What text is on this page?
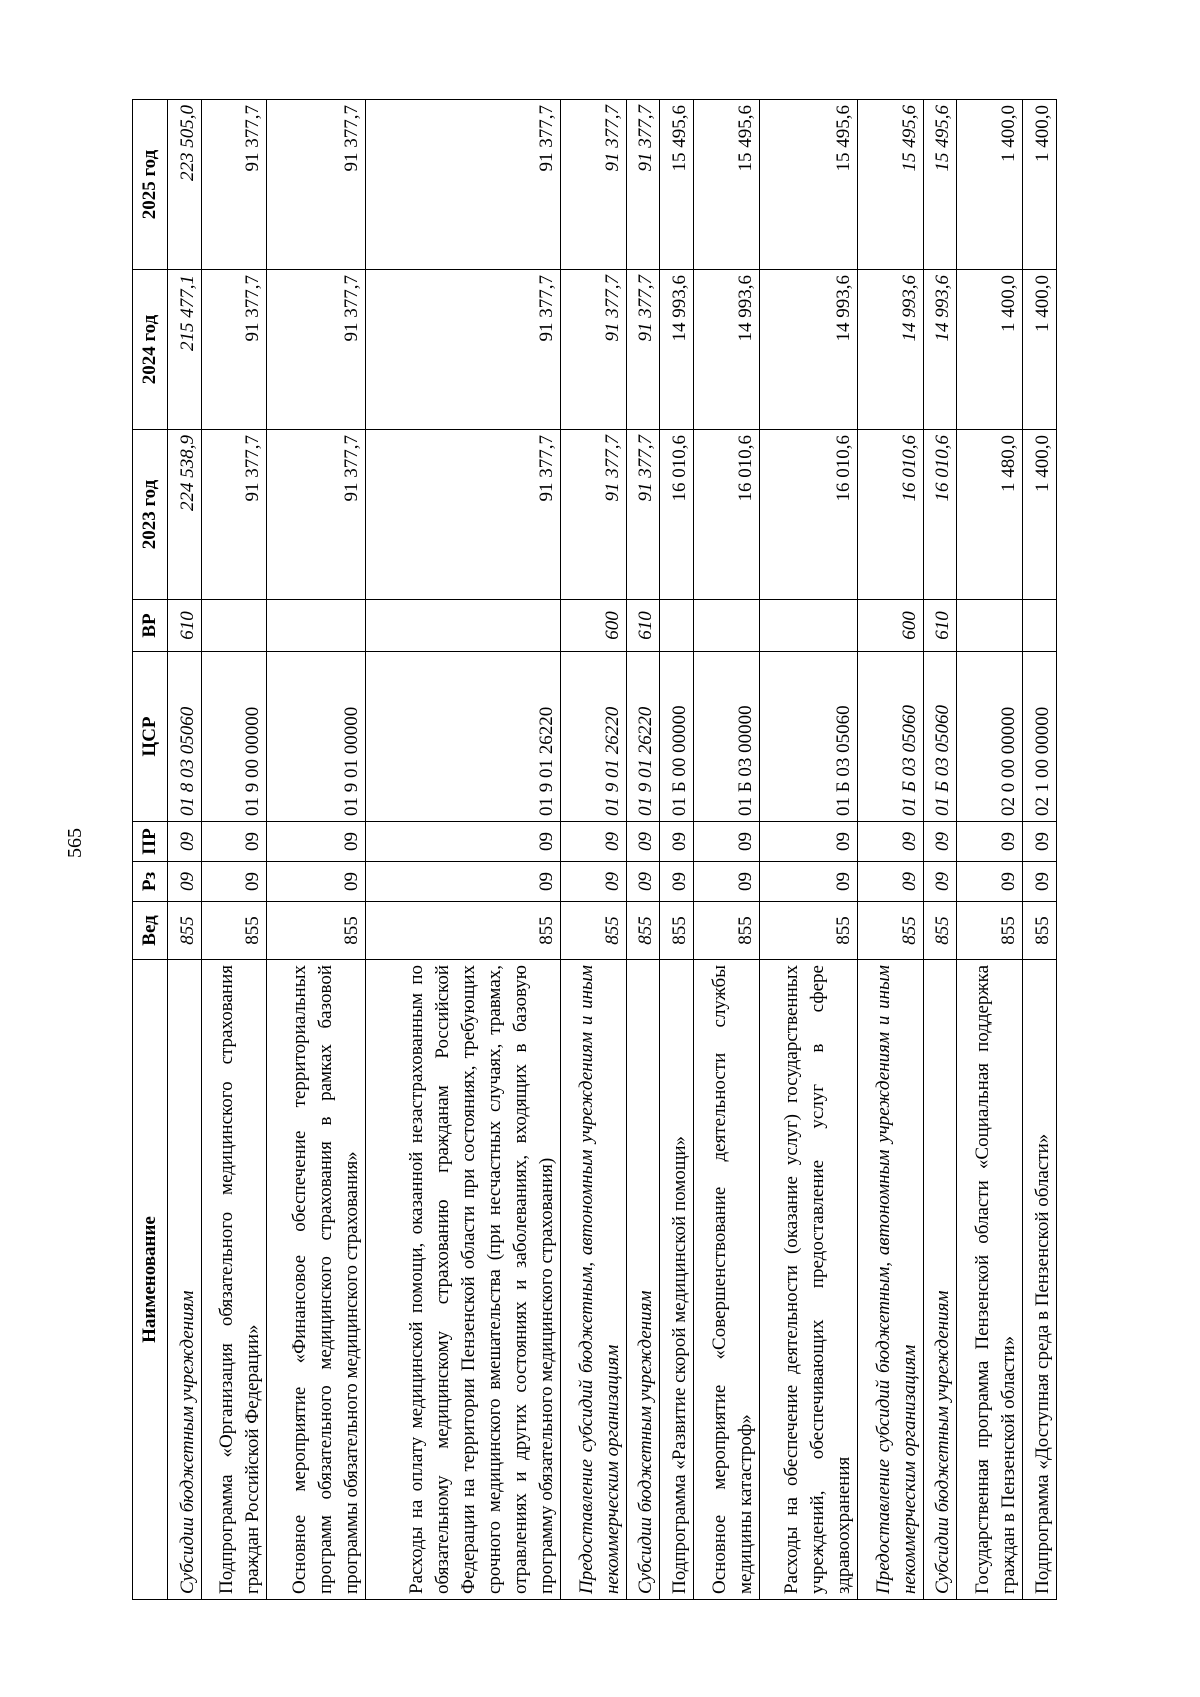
565
Наименование	Вед	Рз	ПР	ЦСР	ВР	2023 год	2024 год	2025 год
Субсидии бюджетным учреждениям	855	09	09	01 8 03 05060	610	224 538,9	215 477,1	223 505,0
Подпрограмма «Организация обязательного медицинского страхования граждан Российской Федерации»	855	09	09	01 9 00 00000		91 377,7	91 377,7	91 377,7
Основное мероприятие «Финансовое обеспечение территориальных программ обязательного медицинского страхования в рамках базовой программы обязательного медицинского страхования»	855	09	09	01 9 01 00000		91 377,7	91 377,7	91 377,7
Расходы на оплату медицинской помощи, оказанной незастрахованным по обязательному медицинскому страхованию гражданам Российской Федерации на территории Пензенской области при состояниях, требующих срочного медицинского вмешательства (при несчастных случаях, травмах, отравлениях и других состояниях и заболеваниях, входящих в базовую программу обязательного медицинского страхования)	855	09	09	01 9 01 26220		91 377,7	91 377,7	91 377,7
Предоставление субсидий бюджетным, автономным учреждениям и иным некоммерческим организациям	855	09	09	01 9 01 26220	600	91 377,7	91 377,7	91 377,7
Субсидии бюджетным учреждениям	855	09	09	01 9 01 26220	610	91 377,7	91 377,7	91 377,7
Подпрограмма «Развитие скорой медицинской помощи»	855	09	09	01 Б 00 00000		16 010,6	14 993,6	15 495,6
Основное мероприятие «Совершенствование деятельности службы медицины катастроф»	855	09	09	01 Б 03 00000		16 010,6	14 993,6	15 495,6
Расходы на обеспечение деятельности (оказание услуг) государственных учреждений, обеспечивающих предоставление услуг в сфере здравоохранения	855	09	09	01 Б 03 05060		16 010,6	14 993,6	15 495,6
Предоставление субсидий бюджетным, автономным учреждениям и иным некоммерческим организациям	855	09	09	01 Б 03 05060	600	16 010,6	14 993,6	15 495,6
Субсидии бюджетным учреждениям	855	09	09	01 Б 03 05060	610	16 010,6	14 993,6	15 495,6
Государственная программа Пензенской области «Социальная поддержка граждан в Пензенской области»	855	09	09	02 0 00 00000		1 480,0	1 400,0	1 400,0
Подпрограмма «Доступная среда в Пензенской области»	855	09	09	02 1 00 00000		1 400,0	1 400,0	1 400,0
